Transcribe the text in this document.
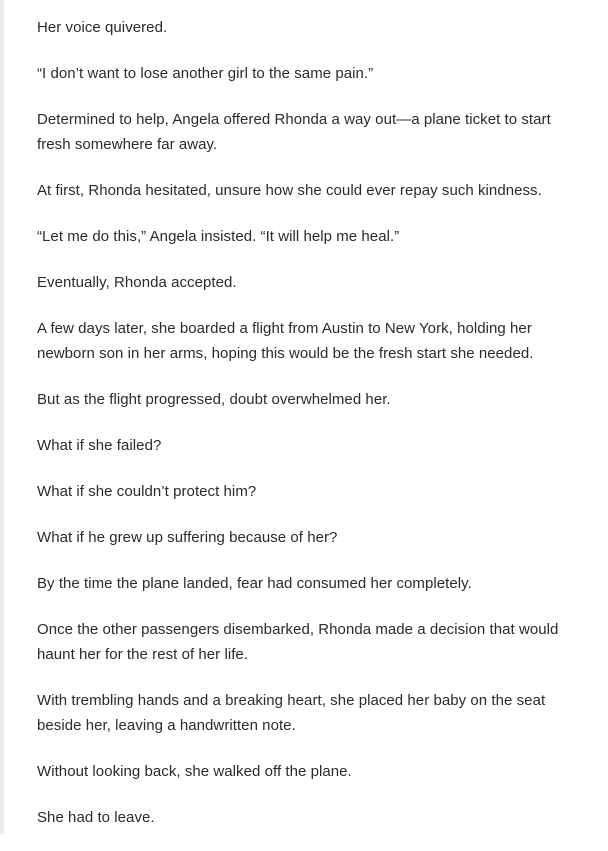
Her voice quivered.

“I don’t want to lose another girl to the same pain.”

Determined to help, Angela offered Rhonda a way out—a plane ticket to start fresh somewhere far away.

At first, Rhonda hesitated, unsure how she could ever repay such kindness.

“Let me do this,” Angela insisted. “It will help me heal.”

Eventually, Rhonda accepted.

A few days later, she boarded a flight from Austin to New York, holding her newborn son in her arms, hoping this would be the fresh start she needed.

But as the flight progressed, doubt overwhelmed her.

What if she failed?

What if she couldn’t protect him?

What if he grew up suffering because of her?

By the time the plane landed, fear had consumed her completely.

Once the other passengers disembarked, Rhonda made a decision that would haunt her for the rest of her life.

With trembling hands and a breaking heart, she placed her baby on the seat beside her, leaving a handwritten note.

Without looking back, she walked off the plane.

She had to leave.
